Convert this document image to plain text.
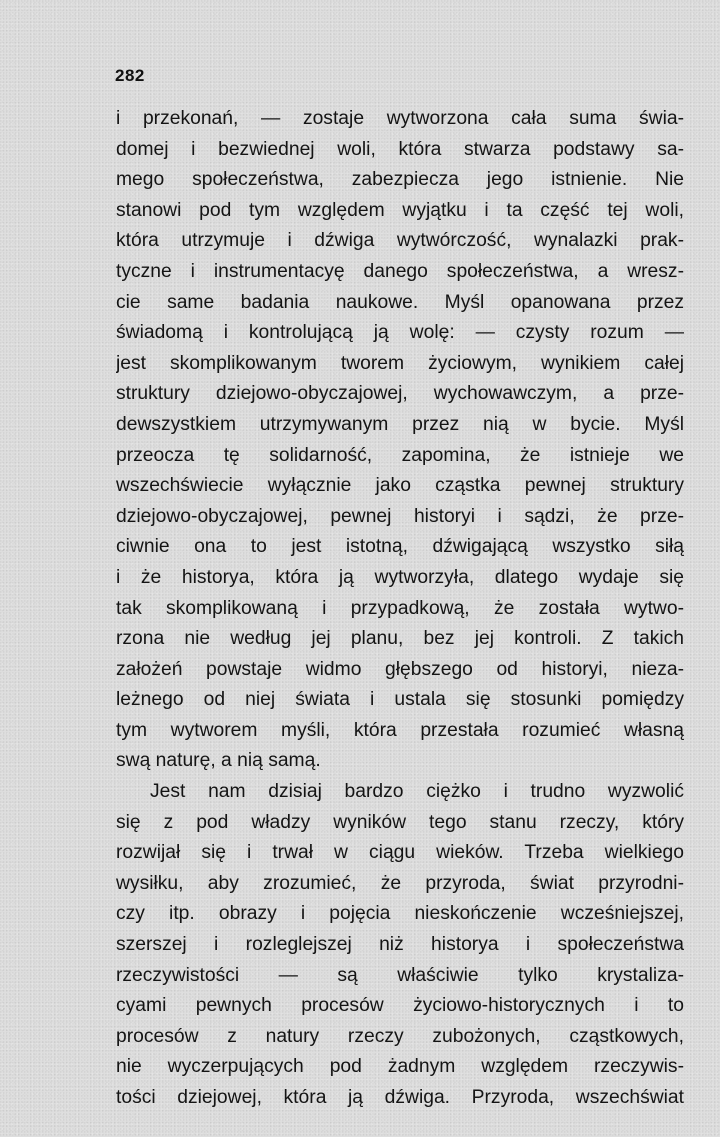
282
i przekonań, — zostaje wytworzona cała suma świa-
domej i bezwiednej woli, która stwarza podstawy sa-
mego społeczeństwa, zabezpiecza jego istnienie. Nie
stanowi pod tym względem wyjątku i ta część tej woli,
która utrzymuje i dźwiga wytwórczość, wynalazki prak-
tyczne i instrumentacyę danego społeczeństwa, a wresz-
cie same badania naukowe. Myśl opanowana przez
świadomą i kontrolującą ją wolę: — czysty rozum —
jest skomplikowanym tworem życiowym, wynikiem całej
struktury dziejowo-obyczajowej, wychowawczym, a prze-
dewszystkiem utrzymywanym przez nią w bycie. Myśl
przeocza tę solidarność, zapomina, że istnieje we
wszechświecie wyłącznie jako cząstka pewnej struktury
dziejowo-obyczajowej, pewnej historyi i sądzi, że prze-
ciwnie ona to jest istotną, dźwigającą wszystko siłą
i że historya, która ją wytworzyła, dlatego wydaje się
tak skomplikowaną i przypadkową, że została wytwo-
rzona nie według jej planu, bez jej kontroli. Z takich
założeń powstaje widmo głębszego od historyi, nieza-
leżnego od niej świata i ustala się stosunki pomiędzy
tym wytworem myśli, która przestała rozumieć własną
swą naturę, a nią samą.
Jest nam dzisiaj bardzo ciężko i trudno wyzwolić
się z pod władzy wyników tego stanu rzeczy, który
rozwijał się i trwał w ciągu wieków. Trzeba wielkiego
wysiłku, aby zrozumieć, że przyroda, świat przyrodni-
czy itp. obrazy i pojęcia nieskończenie wcześniejszej,
szerszej i rozleglejszej niż historya i społeczeństwa
rzeczywistości — są właściwie tylko krystaliza-
cyami pewnych procesów życiowo-historycznych i to
procesów z natury rzeczy zubożonych, cząstkowych,
nie wyczerpujących pod żadnym względem rzeczywis-
tości dziejowej, która ją dźwiga. Przyroda, wszechświat
